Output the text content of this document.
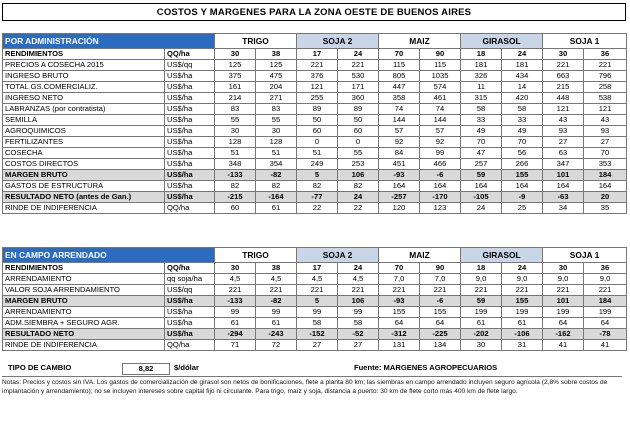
COSTOS Y MARGENES PARA LA ZONA OESTE DE BUENOS AIRES
POR ADMINISTRACIÓN		TRIGO		SOJA 2		MAIZ		GIRASOL		SOJA 1	
RENDIMIENTOS	QQ/ha	30	38	17	24	70	90	18	24	30	36
PRECIOS A COSECHA 2015	US$/qq	125	125	221	221	115	115	181	181	221	221
INGRESO BRUTO	US$/ha	375	475	376	530	805	1035	326	434	663	796
TOTAL GS.COMERCIALIZ.	US$/ha	161	204	121	171	447	574	11	14	215	258
INGRESO NETO	US$/ha	214	271	255	360	358	461	315	420	448	538
LABRANZAS (por contratista)	US$/ha	83	83	89	89	74	74	58	58	121	121
SEMILLA	US$/ha	55	55	50	50	144	144	33	33	43	43
AGROQUIMICOS	US$/ha	30	30	60	60	57	57	49	49	93	93
FERTILIZANTES	US$/ha	128	128	0	0	92	92	70	70	27	27
COSECHA	US$/ha	51	51	51	55	84	99	47	56	63	70
COSTOS DIRECTOS	US$/ha	348	354	249	253	451	466	257	266	347	353
MARGEN BRUTO	US$/ha	-133	-82	5	106	-93	-6	59	155	101	184
GASTOS DE ESTRUCTURA	US$/ha	82	82	82	82	164	164	164	164	164	164
RESULTADO NETO (antes de Gan.)	US$/ha	-215	-164	-77	24	-257	-170	-105	-9	-63	20
RINDE DE INDIFERENCIA	QQ/ha	60	61	22	22	120	123	24	25	34	35
EN CAMPO ARRENDADO		TRIGO		SOJA 2		MAIZ		GIRASOL		SOJA 1	
RENDIMIENTOS	QQ/ha	30	38	17	24	70	90	18	24	30	36
ARRENDAMIENTO	qq soja/ha	4,5	4,5	4,5	4,5	7,0	7,0	9,0	9,0	9,0	9,0
VALOR SOJA ARRENDAMIENTO	US$/qq	221	221	221	221	221	221	221	221	221	221
MARGEN BRUTO	US$/ha	-133	-82	5	106	-93	-6	59	155	101	184
ARRENDAMIENTO	US$/ha	99	99	99	99	155	155	199	199	199	199
ADM.SIEMBRA + SEGURO AGR.	US$/ha	61	61	58	58	64	64	61	61	64	64
RESULTADO NETO	US$/ha	-294	-243	-152	-52	-312	-225	-202	-106	-162	-78
RINDE DE INDIFERENCIA	QQ/ha	71	72	27	27	131	134	30	31	41	41
TIPO DE CAMBIO	8,82	$/dólar	Fuente: MARGENES AGROPECUARIOS
Notas: Precios y costos sin IVA. Los gastos de comercialización de girasol son netos de bonificaciones, flete a planta 80 km; las siembras en campo arrendado incluyen seguro agrícola (2,8% sobre costos de implantación y arrendamiento); no se incluyen intereses sobre capital fijo ni circulante. Para trigo, maíz y soja, distancia a puerto: 30 km de flete corto más 400 km de flete largo.
